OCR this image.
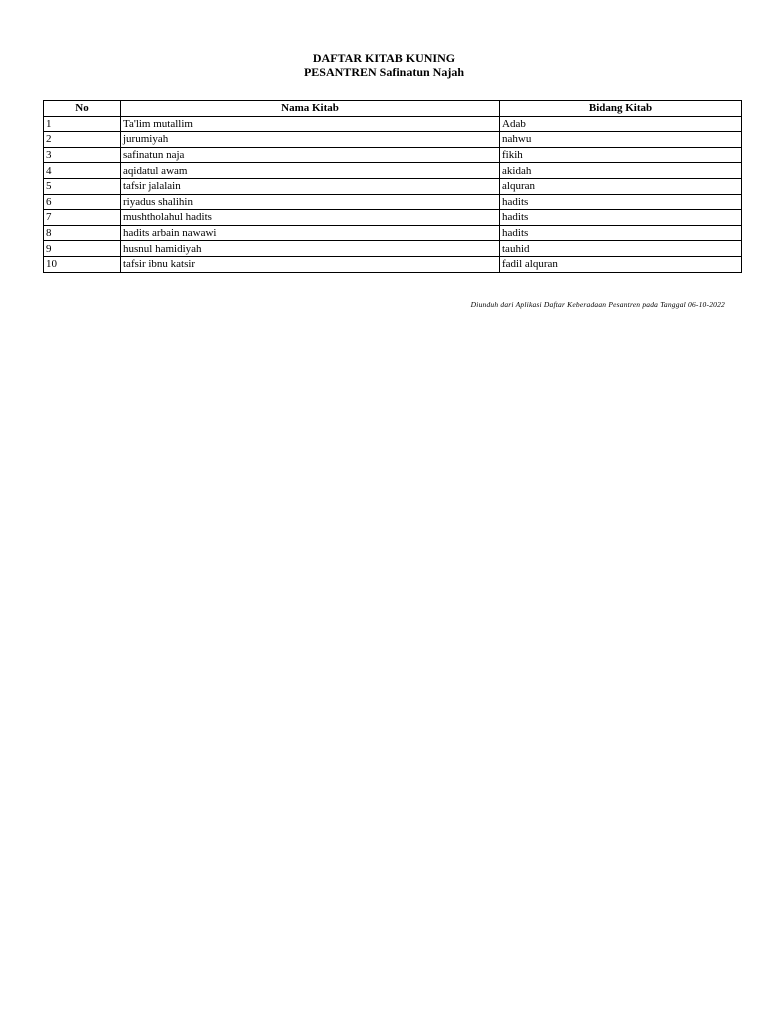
DAFTAR KITAB KUNING
PESANTREN Safinatun Najah
No	Nama Kitab	Bidang Kitab
1	Ta'lim mutallim	Adab
2	jurumiyah	nahwu
3	safinatun naja	fikih
4	aqidatul awam	akidah
5	tafsir jalalain	alquran
6	riyadus shalihin	hadits
7	mushtholahul hadits	hadits
8	hadits arbain nawawi	hadits
9	husnul hamidiyah	tauhid
10	tafsir ibnu katsir	fadil alquran
Diunduh dari Aplikasi Daftar Keberadaan Pesantren pada Tanggal 06-10-2022
